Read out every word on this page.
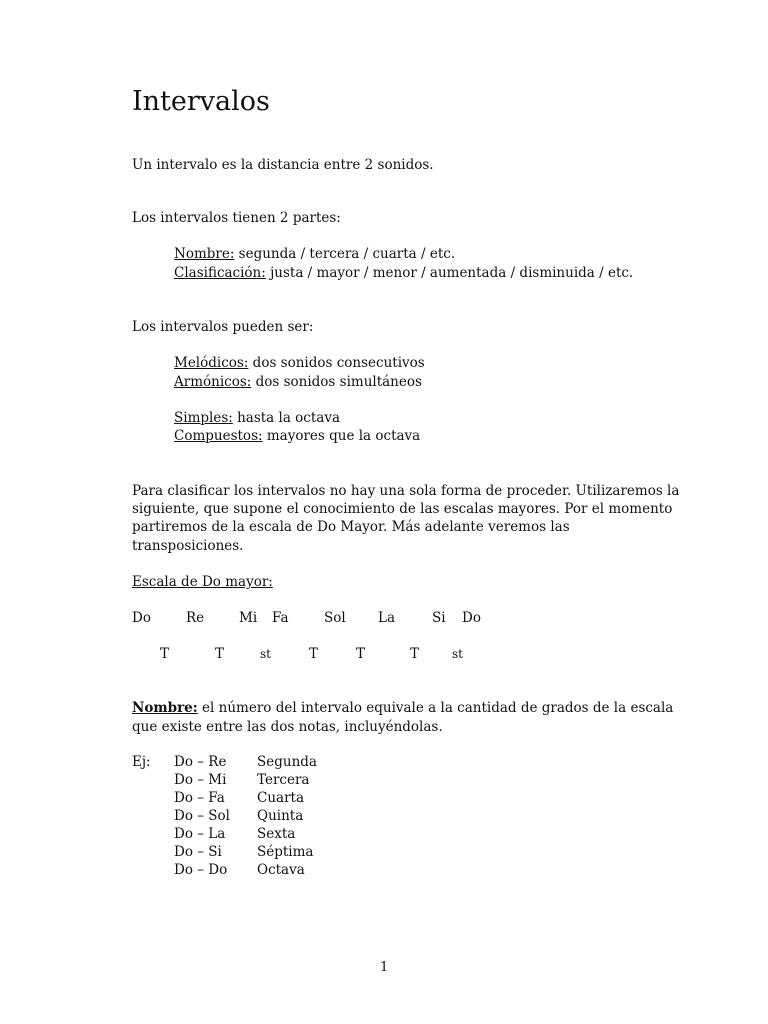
Intervalos
Un intervalo es la distancia entre 2 sonidos.
Los intervalos tienen 2 partes:
Nombre: segunda / tercera / cuarta / etc.
Clasificación: justa / mayor / menor / aumentada / disminuida / etc.
Los intervalos pueden ser:
Melódicos: dos sonidos consecutivos
Armónicos: dos sonidos simultáneos
Simples: hasta la octava
Compuestos: mayores que la octava
Para clasificar los intervalos no hay una sola forma de proceder. Utilizaremos la
siguiente, que supone el conocimiento de las escalas mayores. Por el momento
partiremos de la escala de Do Mayor. Más adelante veremos las
transposiciones.
Escala de Do mayor:
Do	Re	Mi Fa	Sol La	Si Do
T	T	st	T	T	T	st
Nombre: el número del intervalo equivale a la cantidad de grados de la escala
que existe entre las dos notas, incluyéndolas.
Ej: Do – Re Segunda
Do – Mi Tercera
Do – Fa Cuarta
Do – Sol Quinta
Do – La Sexta
Do – Si	Séptima
Do – Do Octava
1
